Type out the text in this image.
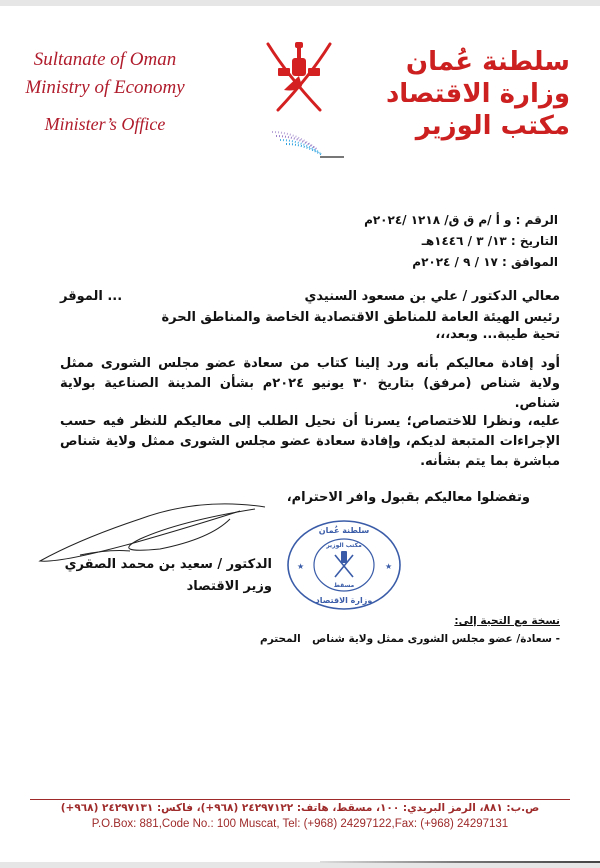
Sultanate of Oman
Ministry of Economy
Minister’s Office
سلطنة عُمان
وزارة الاقتصاد
مكتب الوزير
الرقم : و أ /م ق ق/ ١٢١٨ /٢٠٢٤م
التاريخ : ١٣/ ٣ / ١٤٤٦هـ
الموافق : ١٧ / ٩ / ٢٠٢٤م
معالي الدكتور / علي بن مسعود السنيدي
... الموقر
رئيس الهيئة العامة للمناطق الاقتصادية الخاصة والمناطق الحرة
تحية طيبة... وبعد،،،
أود إفادة معاليكم بأنه ورد إلينا كتاب من سعادة عضو مجلس الشورى ممثل ولاية شناص (مرفق) بتاريخ ٣٠ يونيو ٢٠٢٤م بشأن المدينة الصناعية بولاية شناص.
عليه، ونظرا للاختصاص؛ يسرنا أن نحيل الطلب إلى معاليكم للنظر فيه حسب الإجراءات المتبعة لديكم، وإفادة سعادة عضو مجلس الشورى ممثل ولاية شناص مباشرة بما يتم بشأنه.
وتفضلوا معاليكم بقبول وافر الاحترام،
الدكتور / سعيد بن محمد الصقري
وزير الاقتصاد
★	★
سلطنة عُمان
مكتب الوزير
مسقط
وزارة الاقتصاد
نسخة مع التحية إلى:
- سعادة/ عضو مجلس الشورى ممثل ولاية شناص
المحترم
ص.ب: ٨٨١، الرمز البريدي: ١٠٠، مسقط، هاتف: ٢٤٢٩٧١٢٢ (٩٦٨+)، فاكس: ٢٤٢٩٧١٣١ (٩٦٨+)
P.O.Box: 881,Code No.: 100 Muscat, Tel: (+968) 24297122,Fax: (+968) 24297131
